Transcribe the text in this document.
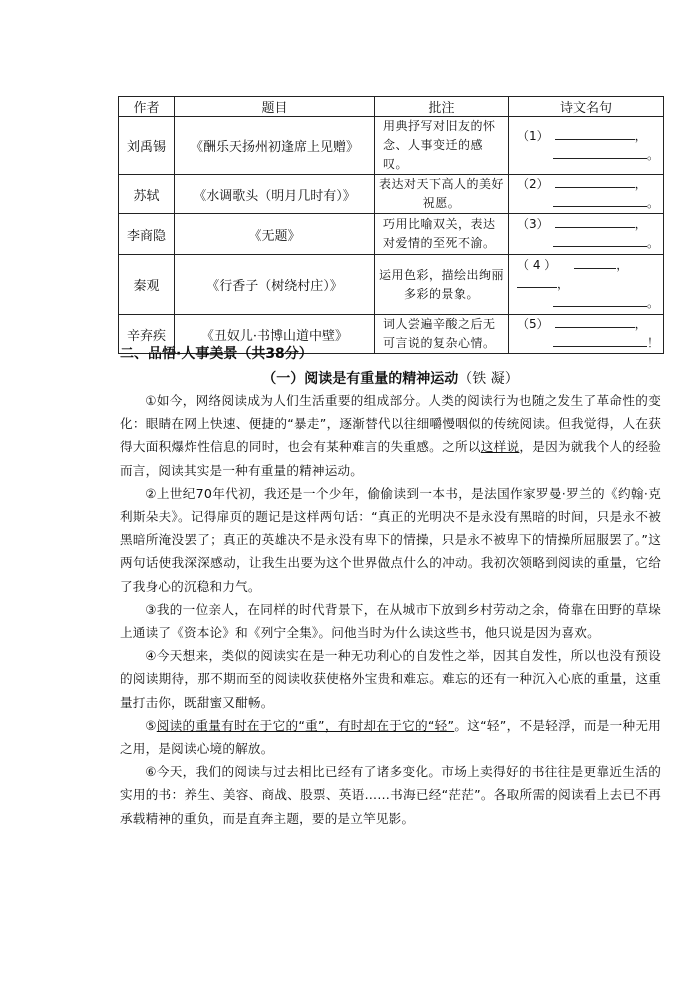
作者	题目	批注	诗文名句
刘禹锡	《酬乐天扬州初逢席上见赠》	用典抒写对旧友的怀念、人事变迁的感叹。	（1） ，
。
苏轼	《水调歌头（明月几时有）》	表达对天下高人的美好祝愿。	（2） ，
。
李商隐	《无题》	巧用比喻双关，表达对爱情的至死不渝。	（3） ，
。
秦观	《行香子（树绕村庄）》	运用色彩，描绘出绚丽多彩的景象。	（ 4 ） ，
，
。
辛弃疾	《丑奴儿·书博山道中壁》	词人尝遍辛酸之后无可言说的复杂心情。	（5） ，
！
二、品悟·人事美景（共38分）
（一）阅读是有重量的精神运动（铁 凝）

①如今，网络阅读成为人们生活重要的组成部分。人类的阅读行为也随之发生了革命性的变化：眼睛在网上快速、便捷的“暴走”，逐渐替代以往细嚼慢咽似的传统阅读。但我觉得，人在获得大面积爆炸性信息的同时，也会有某种难言的失重感。之所以这样说，是因为就我个人的经验而言，阅读其实是一种有重量的精神运动。

②上世纪70年代初，我还是一个少年，偷偷读到一本书，是法国作家罗曼·罗兰的《约翰·克利斯朵夫》。记得扉页的题记是这样两句话：“真正的光明决不是永没有黑暗的时间，只是永不被黑暗所淹没罢了；真正的英雄决不是永没有卑下的情操，只是永不被卑下的情操所屈服罢了。”这两句话使我深深感动，让我生出要为这个世界做点什么的冲动。我初次领略到阅读的重量，它给了我身心的沉稳和力气。

③我的一位亲人，在同样的时代背景下，在从城市下放到乡村劳动之余，倚靠在田野的草垛上通读了《资本论》和《列宁全集》。问他当时为什么读这些书，他只说是因为喜欢。

④今天想来，类似的阅读实在是一种无功利心的自发性之举，因其自发性，所以也没有预设的阅读期待，那不期而至的阅读收获使格外宝贵和难忘。难忘的还有一种沉入心底的重量，这重量打击你，既甜蜜又酣畅。

⑤阅读的重量有时在于它的“重”，有时却在于它的“轻”。这“轻”，不是轻浮，而是一种无用之用，是阅读心境的解放。

⑥今天，我们的阅读与过去相比已经有了诸多变化。市场上卖得好的书往往是更靠近生活的实用的书：养生、美容、商战、股票、英语……书海已经“茫茫”。各取所需的阅读看上去已不再承载精神的重负，而是直奔主题，要的是立竿见影。
